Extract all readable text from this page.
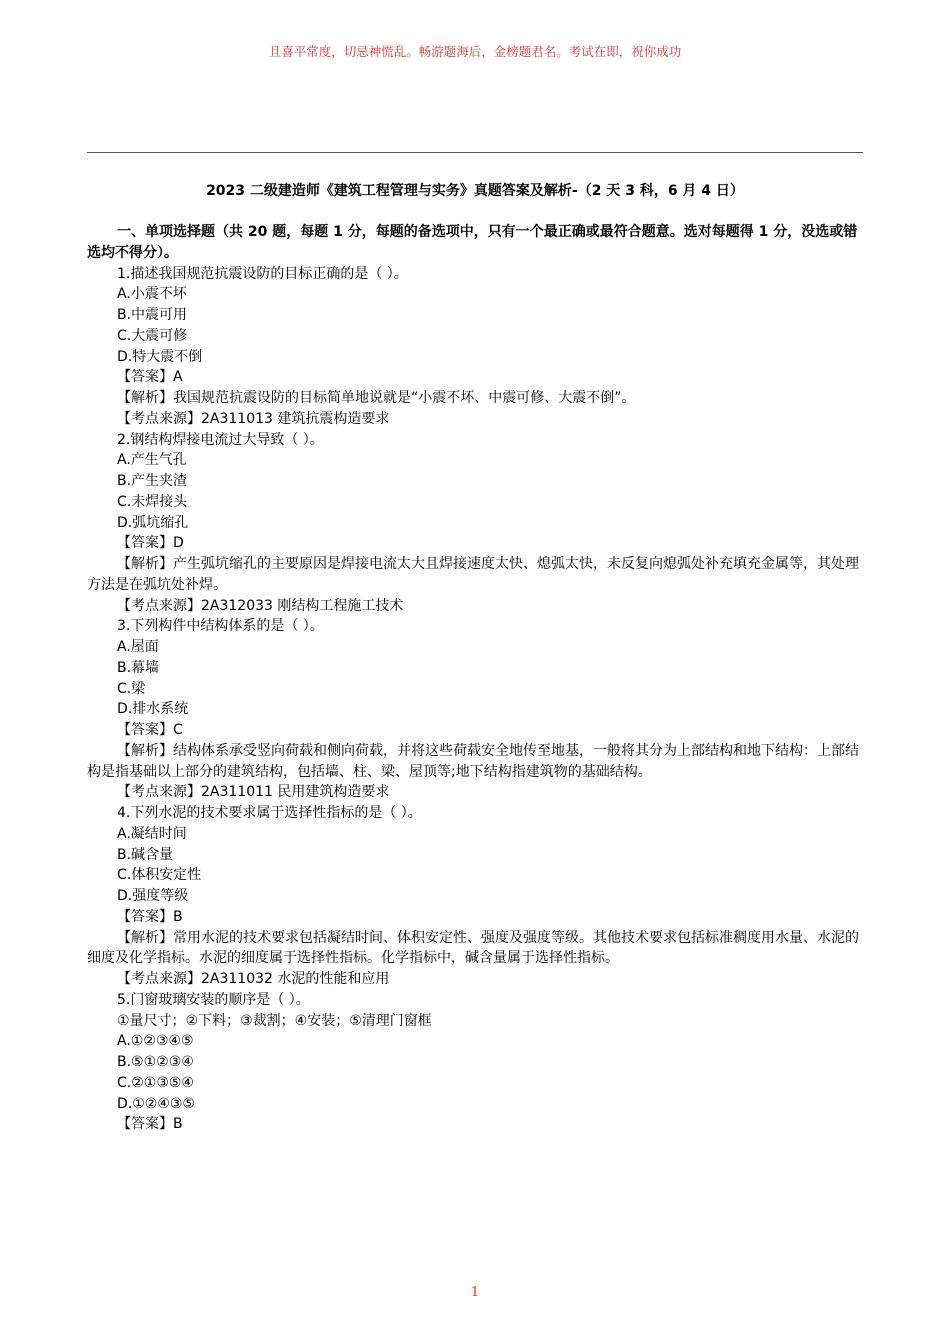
且喜平常度，切忌神慌乱。畅游题海后，金榜题君名。考试在即，祝你成功
2023 二级建造师《建筑工程管理与实务》真题答案及解析-（2 天 3 科，6 月 4 日）

一、单项选择题（共 20 题，每题 1 分，每题的备选项中，只有一个最正确或最符合题意。选对每题得 1 分，没选或错选均不得分）。

1.描述我国规范抗震设防的目标正确的是（ ）。

A.小震不坏

B.中震可用

C.大震可修

D.特大震不倒

【答案】A

【解析】我国规范抗震设防的目标简单地说就是“小震不坏、中震可修、大震不倒”。

【考点来源】2A311013 建筑抗震构造要求

2.钢结构焊接电流过大导致（ ）。

A.产生气孔

B.产生夹渣

C.未焊接头

D.弧坑缩孔

【答案】D

【解析】产生弧坑缩孔的主要原因是焊接电流太大且焊接速度太快、熄弧太快，未反复向熄弧处补充填充金属等，其处理方法是在弧坑处补焊。

【考点来源】2A312033 刚结构工程施工技术

3.下列构件中结构体系的是（ ）。

A.屋面

B.幕墙

C.梁

D.排水系统

【答案】C

【解析】结构体系承受竖向荷载和侧向荷载，并将这些荷载安全地传至地基，一般将其分为上部结构和地下结构：上部结构是指基础以上部分的建筑结构，包括墙、柱、梁、屋顶等;地下结构指建筑物的基础结构。

【考点来源】2A311011 民用建筑构造要求

4.下列水泥的技术要求属于选择性指标的是（ ）。

A.凝结时间

B.碱含量

C.体积安定性

D.强度等级

【答案】B

【解析】常用水泥的技术要求包括凝结时间、体积安定性、强度及强度等级。其他技术要求包括标准稠度用水量、水泥的细度及化学指标。水泥的细度属于选择性指标。化学指标中，碱含量属于选择性指标。

【考点来源】2A311032 水泥的性能和应用

5.门窗玻璃安装的顺序是（ ）。

①量尺寸；②下料；③裁割；④安装；⑤清理门窗框

A.①②③④⑤

B.⑤①②③④

C.②①③⑤④

D.①②④③⑤

【答案】B

1
